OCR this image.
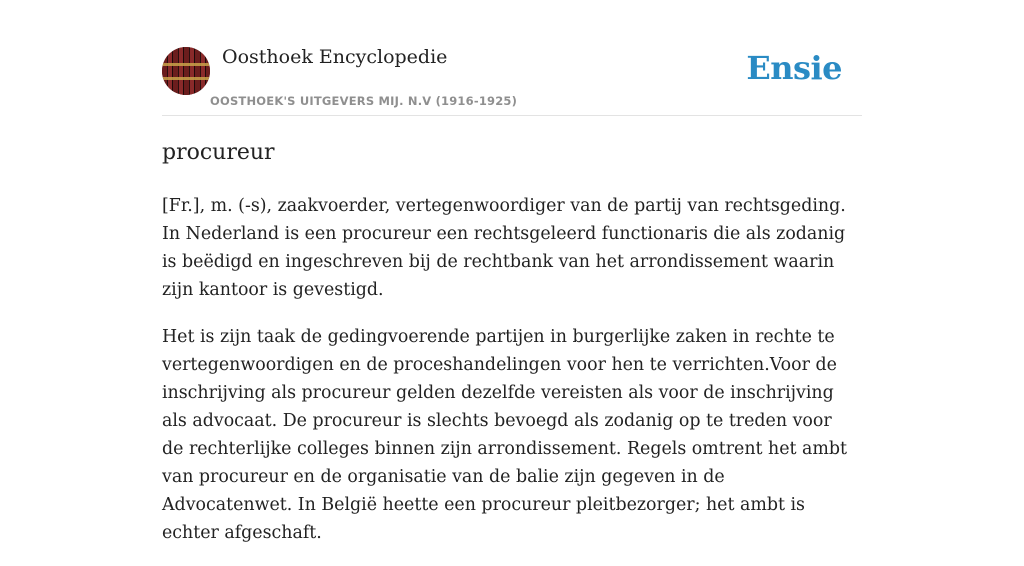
Oosthoek Encyclopedie
OOSTHOEK'S UITGEVERS MIJ. N.V (1916-1925)
Ensie
procureur

[Fr.], m. (-s), zaakvoerder, vertegenwoordiger van de partij van rechtsgeding. In Nederland is een procureur een rechtsgeleerd functionaris die als zodanig is beëdigd en ingeschreven bij de rechtbank van het arrondissement waarin zijn kantoor is gevestigd.

Het is zijn taak de gedingvoerende partijen in burgerlijke zaken in rechte te vertegenwoordigen en de proceshandelingen voor hen te verrichten.Voor de inschrijving als procureur gelden dezelfde vereisten als voor de inschrijving als advocaat. De procureur is slechts bevoegd als zodanig op te treden voor de rechterlijke colleges binnen zijn arrondissement. Regels omtrent het ambt van procureur en de organisatie van de balie zijn gegeven in de Advocatenwet. In België heette een procureur pleitbezorger; het ambt is echter afgeschaft.
